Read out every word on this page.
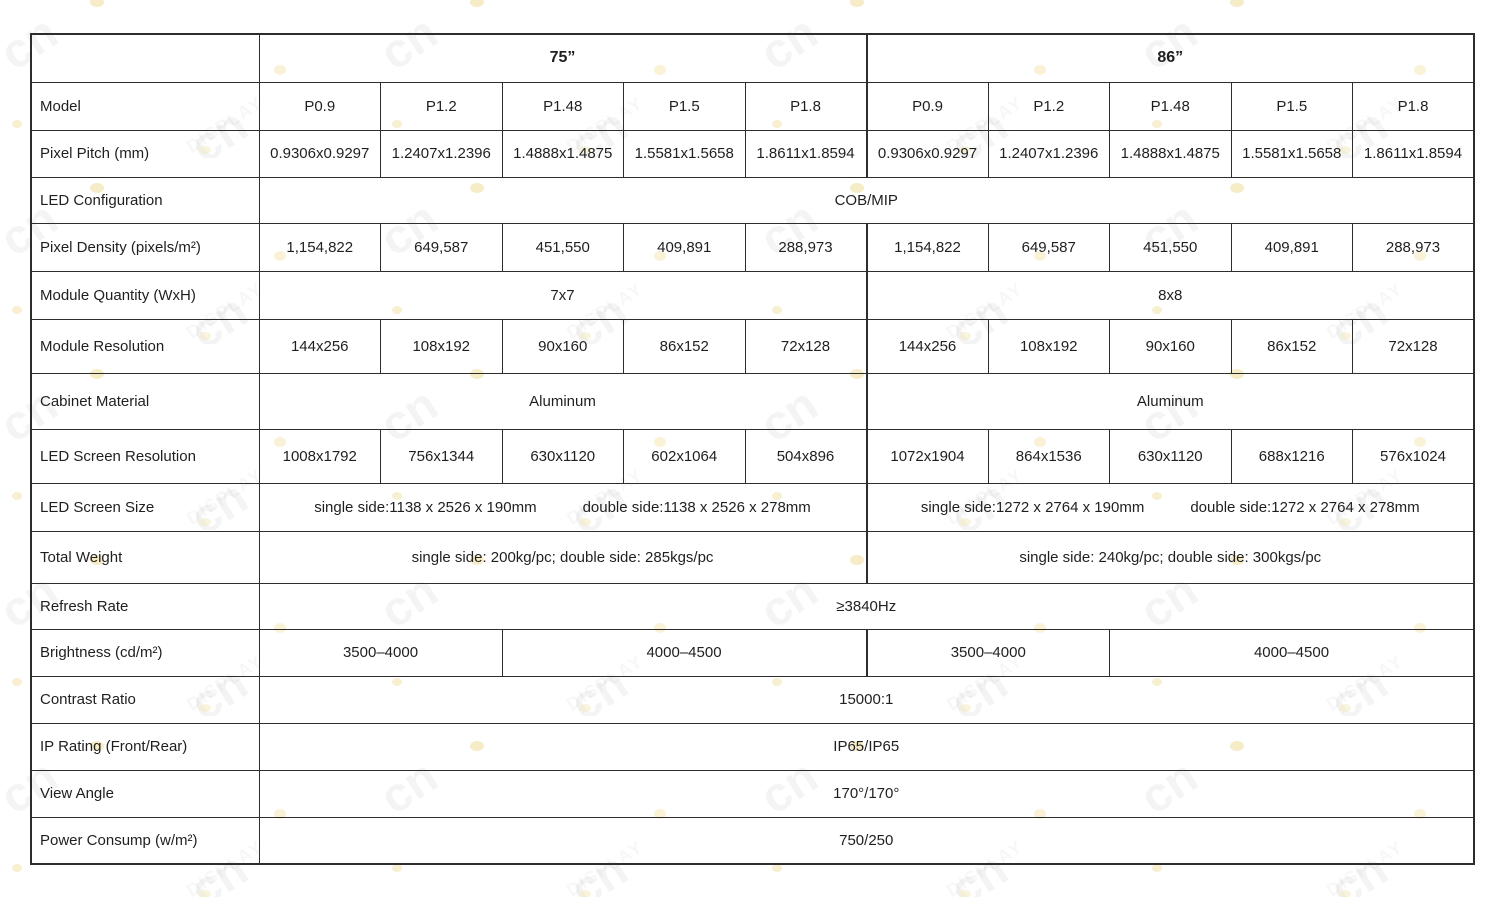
	75”					86”				
Model	P0.9	P1.2	P1.48	P1.5	P1.8	P0.9	P1.2	P1.48	P1.5	P1.8
Pixel Pitch (mm)	0.9306x0.9297	1.2407x1.2396	1.4888x1.4875	1.5581x1.5658	1.8611x1.8594	0.9306x0.9297	1.2407x1.2396	1.4888x1.4875	1.5581x1.5658	1.8611x1.8594
LED Configuration	COB/MIP									
Pixel Density (pixels/m²)	1,154,822	649,587	451,550	409,891	288,973	1,154,822	649,587	451,550	409,891	288,973
Module Quantity (WxH)	7x7					8x8				
Module Resolution	144x256	108x192	90x160	86x152	72x128	144x256	108x192	90x160	86x152	72x128
Cabinet Material	Aluminum					Aluminum				
LED Screen Resolution	1008x1792	756x1344	630x1120	602x1064	504x896	1072x1904	864x1536	630x1120	688x1216	576x1024
LED Screen Size	single side:1138 x 2526 x 190mm double side:1138 x 2526 x 278mm					single side:1272 x 2764 x 190mm double side:1272 x 2764 x 278mm				

Total Weight	single side: 200kg/pc; double side: 285kgs/pc					single side: 240kg/pc; double side: 300kgs/pc				
Refresh Rate	≥3840Hz									
Brightness (cd/m²)	3500–4000		4000–4500			3500–4000		4000–4500		
Contrast Ratio	15000:1									
IP Rating (Front/Rear)	IP65/IP65									
View Angle	170°/170°									
Power Consump (w/m²)	750/250									
